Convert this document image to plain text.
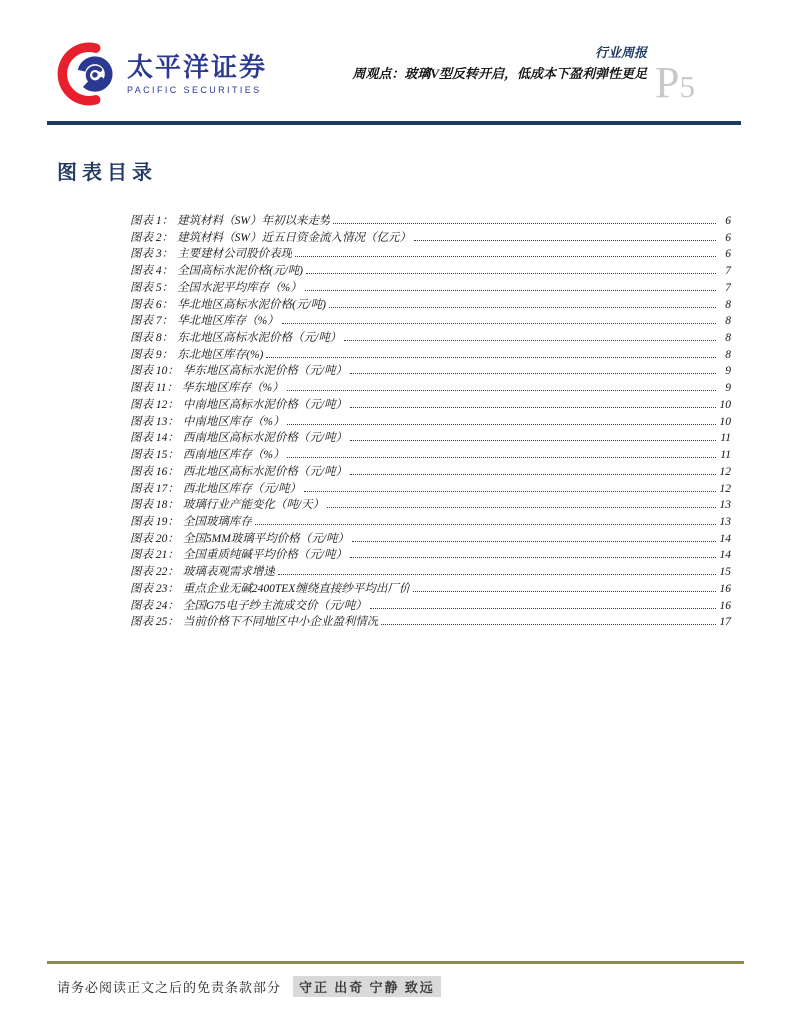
太平洋证券
PACIFIC SECURITIES
行业周报
周观点：玻璃V型反转开启，低成本下盈利弹性更足 P5
图表目录
图表 1： 建筑材料（SW）年初以来走势	6
图表 2： 建筑材料（SW）近五日资金流入情况（亿元）	6
图表 3： 主要建材公司股价表现	6
图表 4： 全国高标水泥价格(元/吨)	7
图表 5： 全国水泥平均库存（%）	7
图表 6： 华北地区高标水泥价格(元/吨)	8
图表 7： 华北地区库存（%）	8
图表 8： 东北地区高标水泥价格（元/吨）	8
图表 9： 东北地区库存(%)	8
图表 10： 华东地区高标水泥价格（元/吨）	9
图表 11： 华东地区库存（%）	9
图表 12： 中南地区高标水泥价格（元/吨）	10
图表 13： 中南地区库存（%）	10
图表 14： 西南地区高标水泥价格（元/吨）	11
图表 15： 西南地区库存（%）	11
图表 16： 西北地区高标水泥价格（元/吨）	12
图表 17： 西北地区库存（元/吨）	12
图表 18： 玻璃行业产能变化（吨/天）	13
图表 19： 全国玻璃库存	13
图表 20： 全国5MM玻璃平均价格（元/吨）	14
图表 21： 全国重质纯碱平均价格（元/吨）	14
图表 22： 玻璃表观需求增速	15
图表 23： 重点企业无碱2400TEX缠绕直接纱平均出厂价	16
图表 24： 全国G75电子纱主流成交价（元/吨）	16
图表 25： 当前价格下不同地区中小企业盈利情况	17
请务必阅读正文之后的免责条款部分	守正 出奇 宁静 致远
